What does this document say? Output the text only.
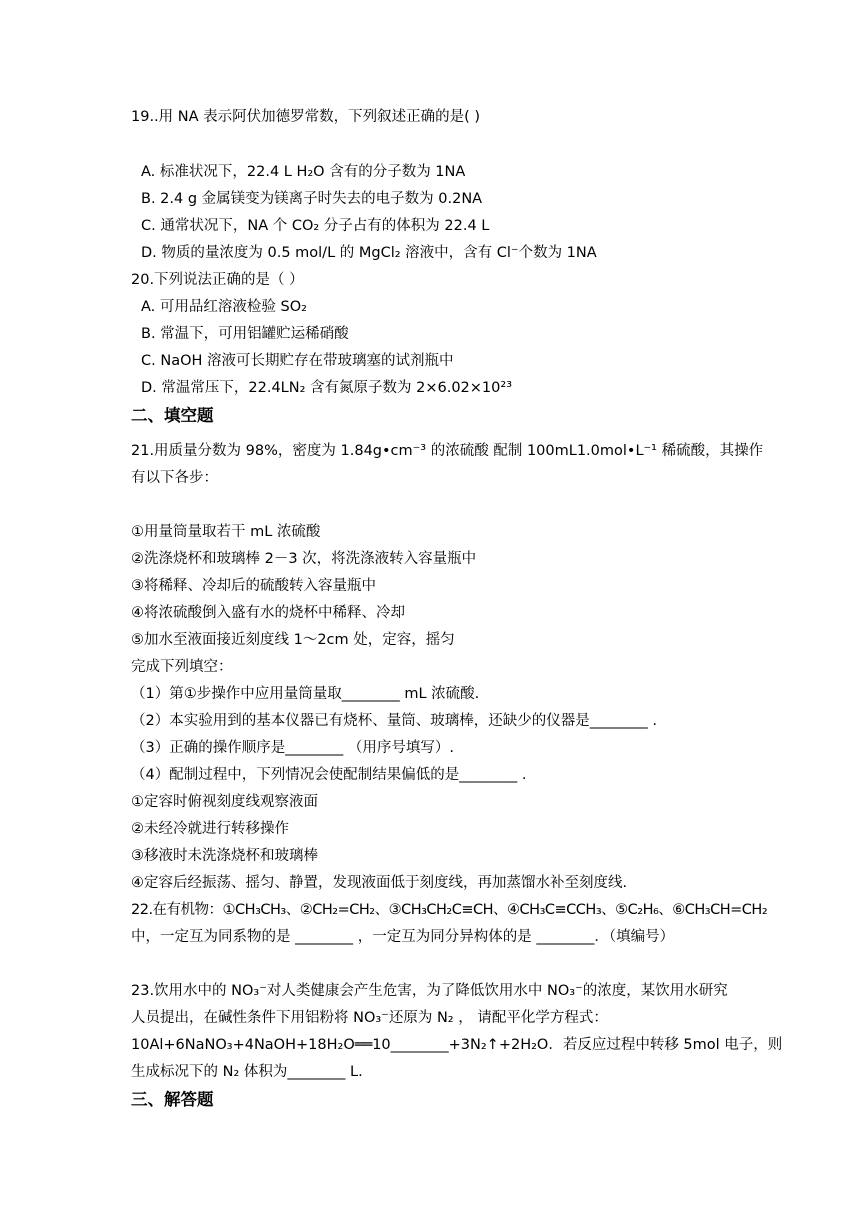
19..用 NA 表示阿伏加德罗常数，下列叙述正确的是( )
A. 标准状况下，22.4 L H₂O 含有的分子数为 1NA
B. 2.4 g 金属镁变为镁离子时失去的电子数为 0.2NA
C. 通常状况下，NA 个 CO₂ 分子占有的体积为 22.4 L
D. 物质的量浓度为 0.5 mol/L 的 MgCl₂ 溶液中，含有 Cl⁻个数为 1NA
20.下列说法正确的是（ ）
A. 可用品红溶液检验 SO₂
B. 常温下，可用铝罐贮运稀硝酸
C. NaOH 溶液可长期贮存在带玻璃塞的试剂瓶中
D. 常温常压下，22.4LN₂ 含有氮原子数为 2×6.02×10²³
二、填空题
21.用质量分数为 98%，密度为 1.84g•cm⁻³ 的浓硫酸 配制 100mL1.0mol•L⁻¹ 稀硫酸，其操作
有以下各步：
①用量筒量取若干 mL 浓硫酸
②洗涤烧杯和玻璃棒 2－3 次，将洗涤液转入容量瓶中
③将稀释、冷却后的硫酸转入容量瓶中
④将浓硫酸倒入盛有水的烧杯中稀释、冷却
⑤加水至液面接近刻度线 1～2cm 处，定容，摇匀
完成下列填空：
（1）第①步操作中应用量筒量取________ mL 浓硫酸.
（2）本实验用到的基本仪器已有烧杯、量筒、玻璃棒，还缺少的仪器是________ .
（3）正确的操作顺序是________ （用序号填写）.
（4）配制过程中，下列情况会使配制结果偏低的是________ .
①定容时俯视刻度线观察液面
②未经冷就进行转移操作
③移液时未洗涤烧杯和玻璃棒
④定容后经振荡、摇匀、静置，发现液面低于刻度线，再加蒸馏水补至刻度线.
22.在有机物：①CH₃CH₃、②CH₂=CH₂、③CH₃CH₂C≡CH、④CH₃C≡CCH₃、⑤C₂H₆、⑥CH₃CH=CH₂
中，一定互为同系物的是 ________ ，一定互为同分异构体的是 ________．（填编号）
23.饮用水中的 NO₃⁻对人类健康会产生危害，为了降低饮用水中 NO₃⁻的浓度，某饮用水研究
人员提出，在碱性条件下用铝粉将 NO₃⁻还原为 N₂ ， 请配平化学方程式：
10Al+6NaNO₃+4NaOH+18H₂O══10________+3N₂↑+2H₂O．若反应过程中转移 5mol 电子，则
生成标况下的 N₂ 体积为________ L.
三、解答题
